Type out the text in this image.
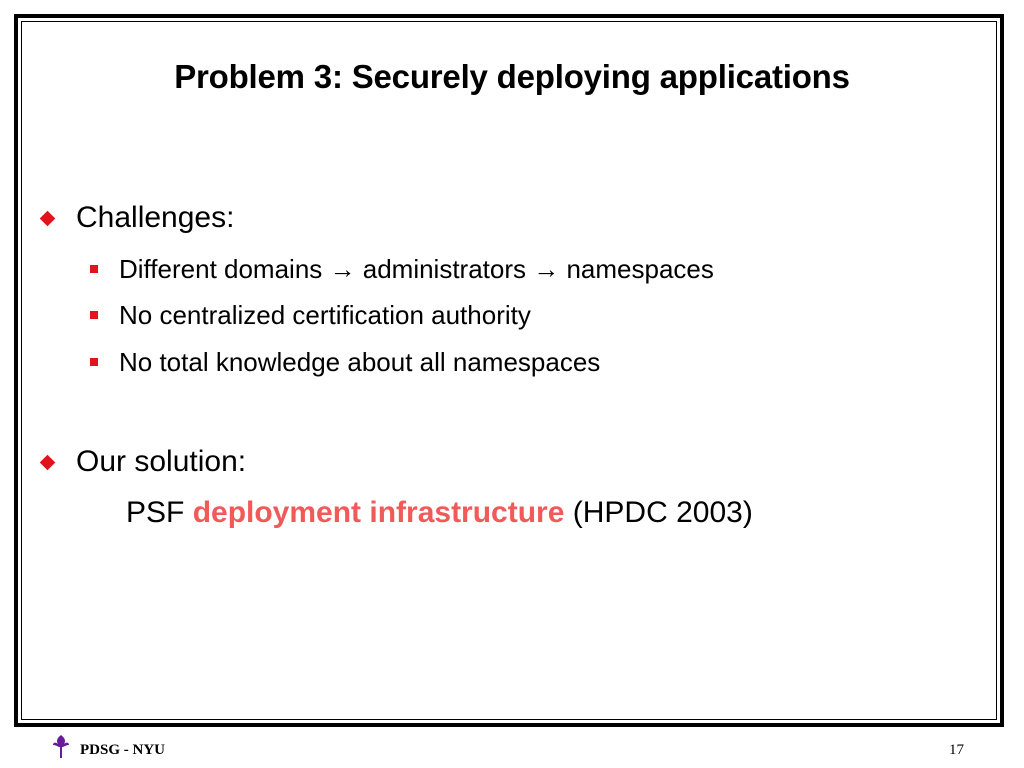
Problem 3: Securely deploying applications
Challenges:
Different domains → administrators → namespaces
No centralized certification authority
No total knowledge about all namespaces
Our solution:
PSF deployment infrastructure (HPDC 2003)
PDSG - NYU	17
